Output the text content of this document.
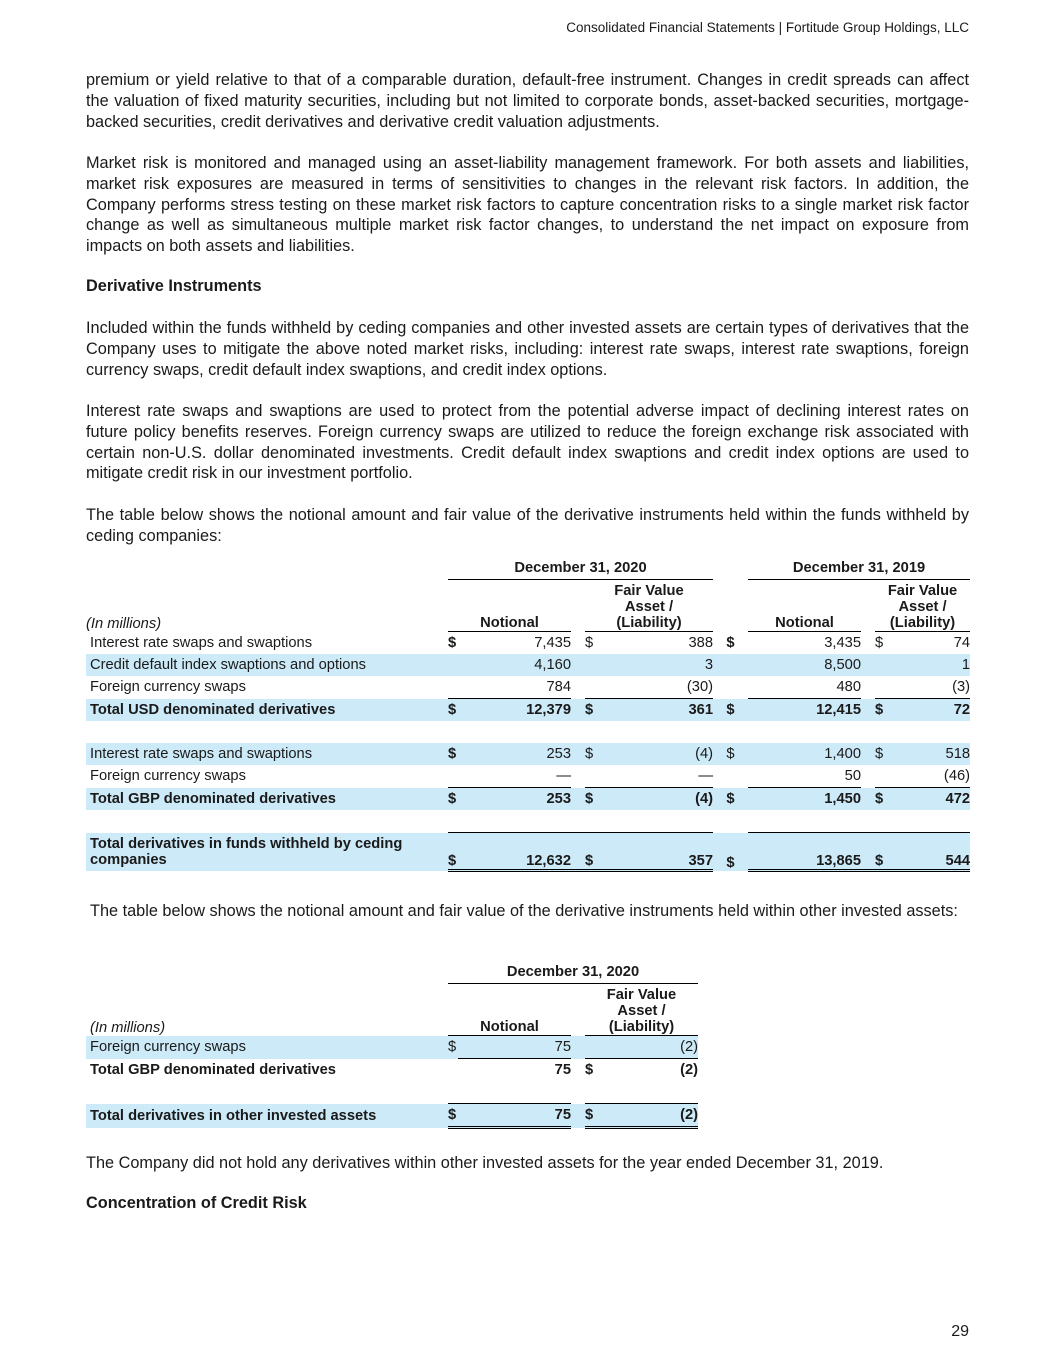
Consolidated Financial Statements | Fortitude Group Holdings, LLC

premium or yield relative to that of a comparable duration, default-free instrument. Changes in credit spreads can affect the valuation of fixed maturity securities, including but not limited to corporate bonds, asset-backed securities, mortgage-backed securities, credit derivatives and derivative credit valuation adjustments.

Market risk is monitored and managed using an asset-liability management framework. For both assets and liabilities, market risk exposures are measured in terms of sensitivities to changes in the relevant risk factors. In addition, the Company performs stress testing on these market risk factors to capture concentration risks to a single market risk factor change as well as simultaneous multiple market risk factor changes, to understand the net impact on exposure from impacts on both assets and liabilities.

Derivative Instruments

Included within the funds withheld by ceding companies and other invested assets are certain types of derivatives that the Company uses to mitigate the above noted market risks, including: interest rate swaps, interest rate swaptions, foreign currency swaps, credit default index swaptions, and credit index options.

Interest rate swaps and swaptions are used to protect from the potential adverse impact of declining interest rates on future policy benefits reserves. Foreign currency swaps are utilized to reduce the foreign exchange risk associated with certain non-U.S. dollar denominated investments. Credit default index swaptions and credit index options are used to mitigate credit risk in our investment portfolio.

The table below shows the notional amount and fair value of the derivative instruments held within the funds withheld by ceding companies:

	December 31, 2020						December 31, 2019			
(In millions)	Notional			Fair Value
Asset /
(Liability)			Notional		Fair Value
Asset /
(Liability)	
Interest rate swaps and swaptions	$	7,435		$	388	$	3,435		$	74
Credit default index swaptions and options		4,160			3		8,500			1
Foreign currency swaps		784			(30)		480			(3)
Total USD denominated derivatives	$	12,379		$	361	$	12,415		$	72

Interest rate swaps and swaptions	$	253		$	(4)	$	1,400		$	518
Foreign currency swaps		—			—		50			(46)
Total GBP denominated derivatives	$	253		$	(4)	$	1,450		$	472

Total derivatives in funds withheld by ceding companies	$	12,632		$	357	$	13,865		$	544

The table below shows the notional amount and fair value of the derivative instruments held within other invested assets:

	December 31, 2020				
(In millions)	Notional			Fair Value
Asset /
(Liability)	
Foreign currency swaps	$	75			(2)
Total GBP denominated derivatives		75		$	(2)

Total derivatives in other invested assets	$	75		$	(2)

The Company did not hold any derivatives within other invested assets for the year ended December 31, 2019.

Concentration of Credit Risk

29
